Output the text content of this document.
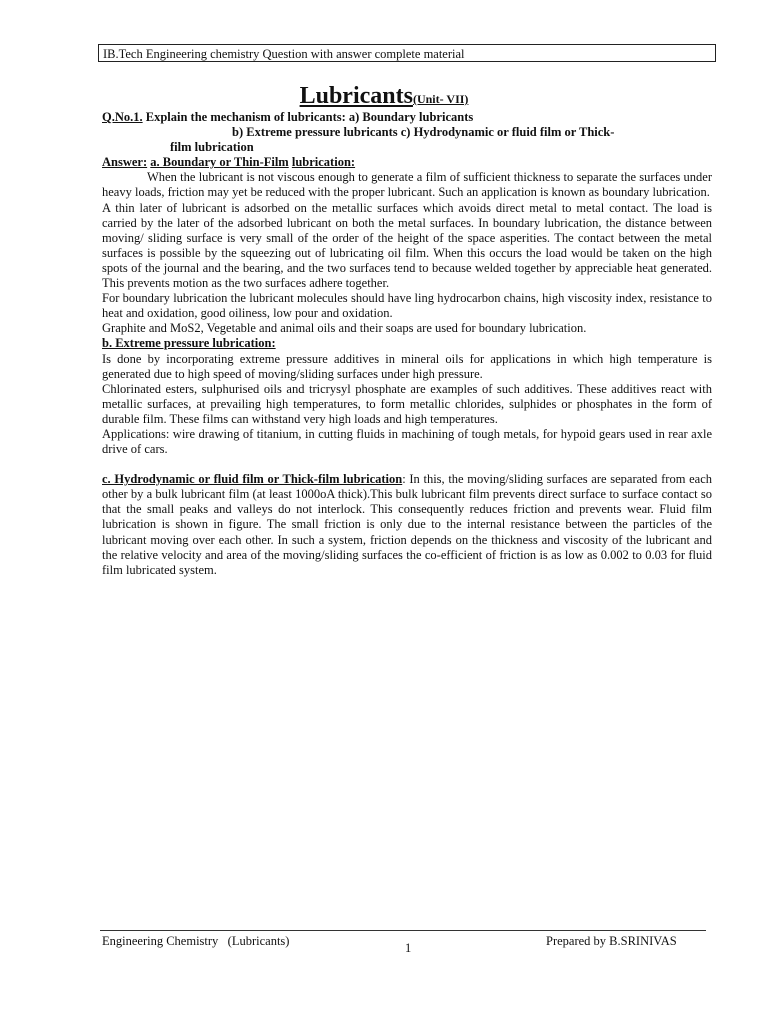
IB.Tech Engineering chemistry Question with answer complete material
Lubricants(Unit- VII)
Q.No.1. Explain the mechanism of lubricants: a) Boundary lubricants
b) Extreme pressure lubricants c) Hydrodynamic or fluid film or Thick-
film lubrication
Answer: a. Boundary or Thin-Film lubrication:

When the lubricant is not viscous enough to generate a film of sufficient thickness to separate the surfaces under heavy loads, friction may yet be reduced with the proper lubricant. Such an application is known as boundary lubrication.

A thin later of lubricant is adsorbed on the metallic surfaces which avoids direct metal to metal contact. The load is carried by the later of the adsorbed lubricant on both the metal surfaces. In boundary lubrication, the distance between moving/ sliding surface is very small of the order of the height of the space asperities. The contact between the metal surfaces is possible by the squeezing out of lubricating oil film. When this occurs the load would be taken on the high spots of the journal and the bearing, and the two surfaces tend to because welded together by appreciable heat generated. This prevents motion as the two surfaces adhere together.

For boundary lubrication the lubricant molecules should have ling hydrocarbon chains, high viscosity index, resistance to heat and oxidation, good oiliness, low pour and oxidation.

Graphite and MoS2, Vegetable and animal oils and their soaps are used for boundary lubrication.

b. Extreme pressure lubrication:

Is done by incorporating extreme pressure additives in mineral oils for applications in which high temperature is generated due to high speed of moving/sliding surfaces under high pressure.

Chlorinated esters, sulphurised oils and tricrysyl phosphate are examples of such additives. These additives react with metallic surfaces, at prevailing high temperatures, to form metallic chlorides, sulphides or phosphates in the form of durable film. These films can withstand very high loads and high temperatures.

Applications: wire drawing of titanium, in cutting fluids in machining of tough metals, for hypoid gears used in rear axle drive of cars.

c. Hydrodynamic or fluid film or Thick-film lubrication: In this, the moving/sliding surfaces are separated from each other by a bulk lubricant film (at least 1000oA thick).This bulk lubricant film prevents direct surface to surface contact so that the small peaks and valleys do not interlock. This consequently reduces friction and prevents wear. Fluid film lubrication is shown in figure. The small friction is only due to the internal resistance between the particles of the lubricant moving over each other. In such a system, friction depends on the thickness and viscosity of the lubricant and the relative velocity and area of the moving/sliding surfaces the co-efficient of friction is as low as 0.002 to 0.03 for fluid film lubricated system.

Engineering Chemistry   (Lubricants)	1	Prepared by B.SRINIVAS
